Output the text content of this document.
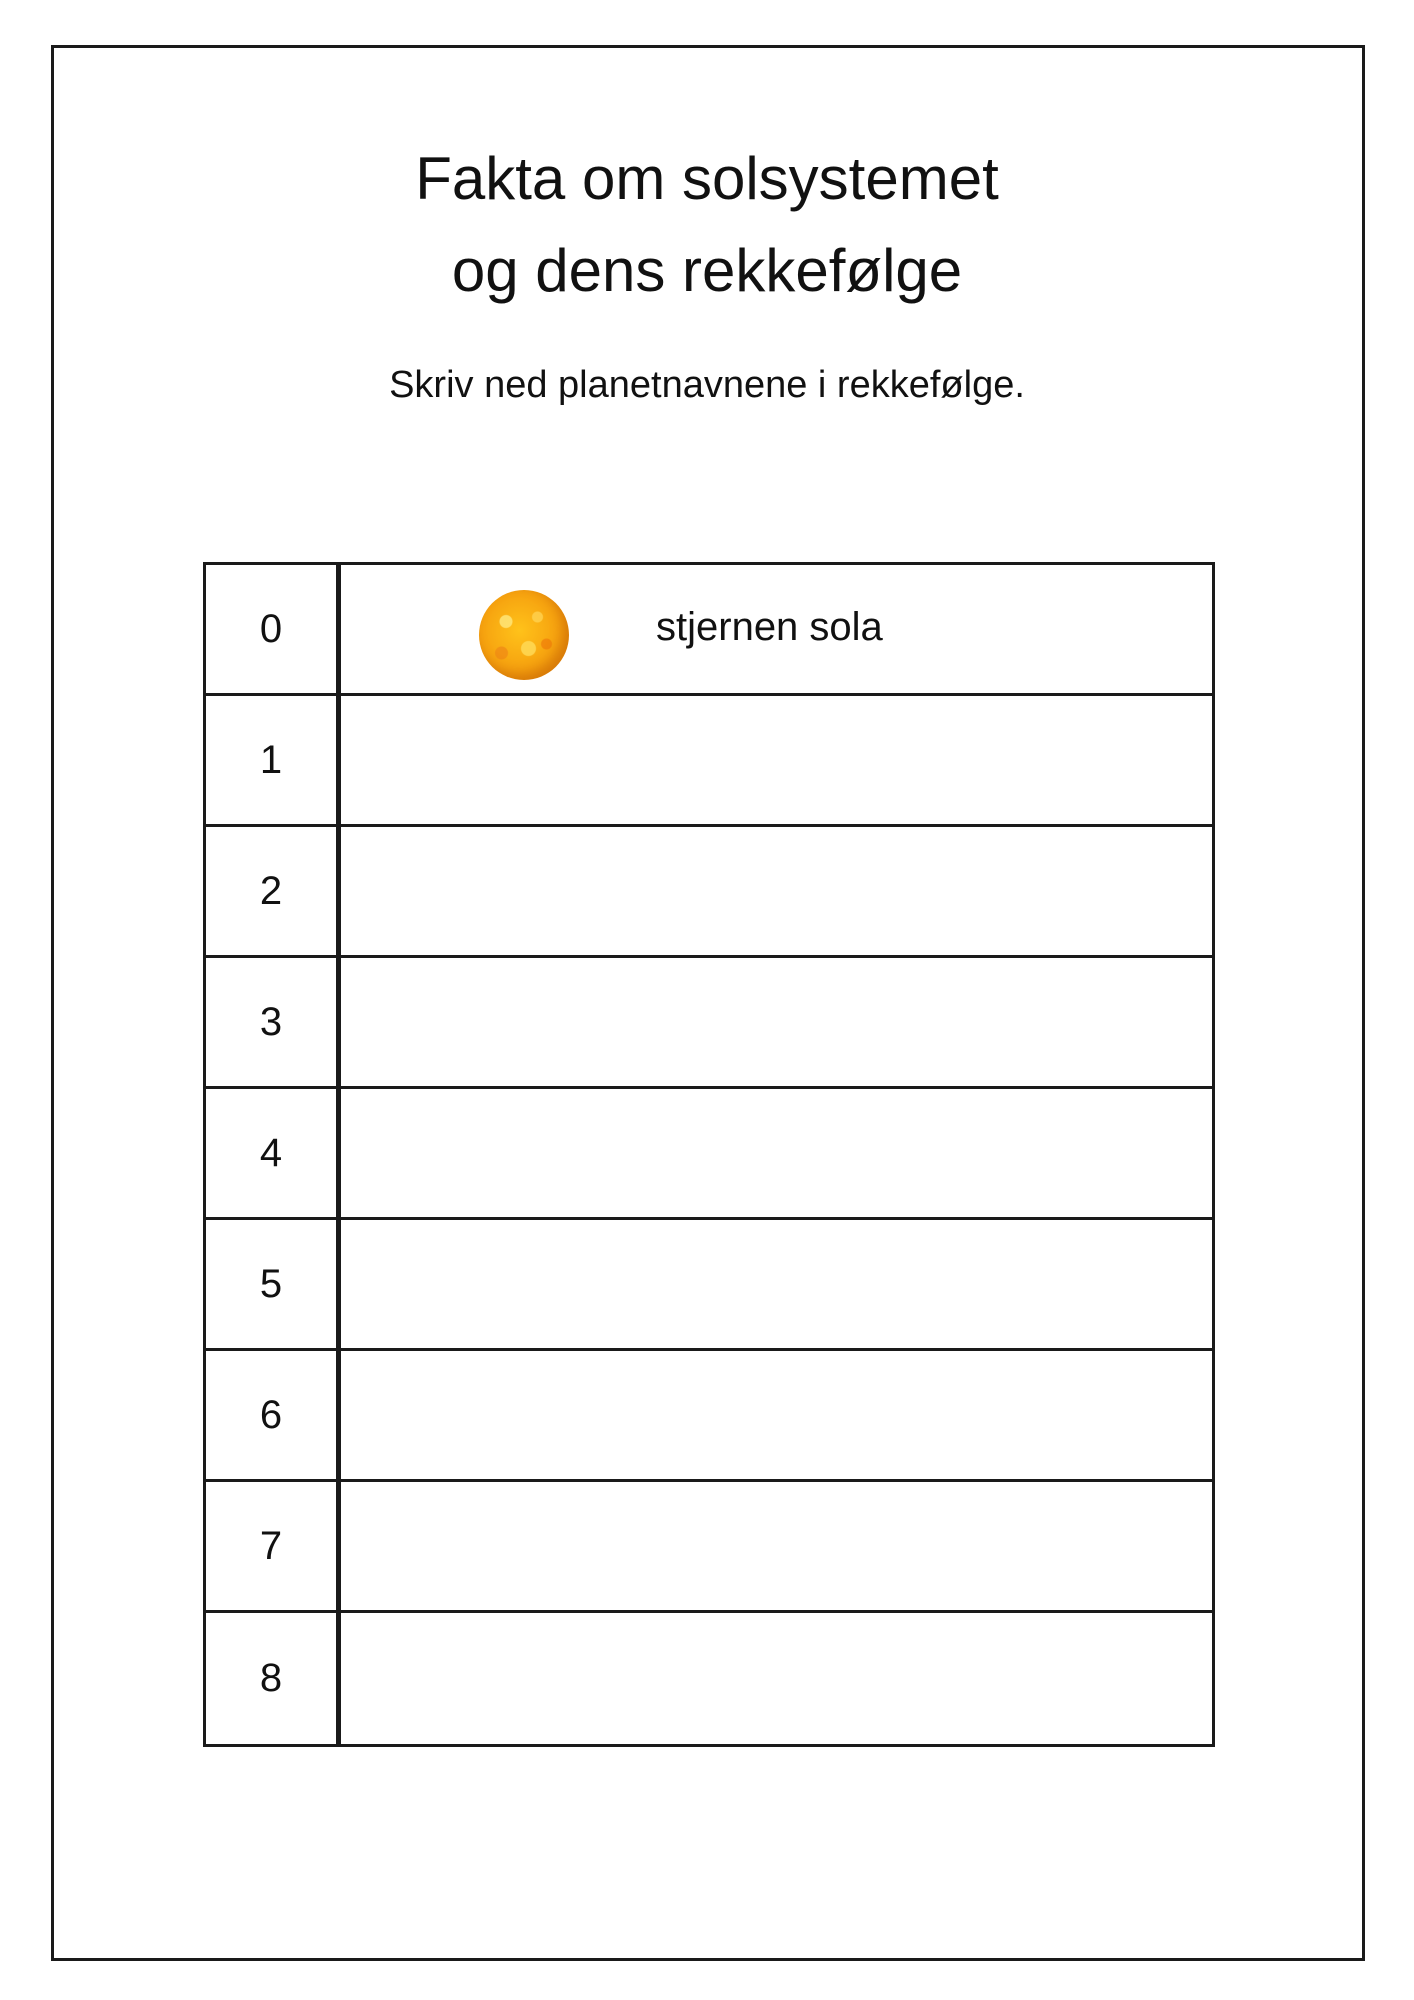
Fakta om solsystemet
og dens rekkefølge

Skriv ned planetnavnene i rekkefølge.

0	stjernen sola
1
2
3
4
5
6
7
8
